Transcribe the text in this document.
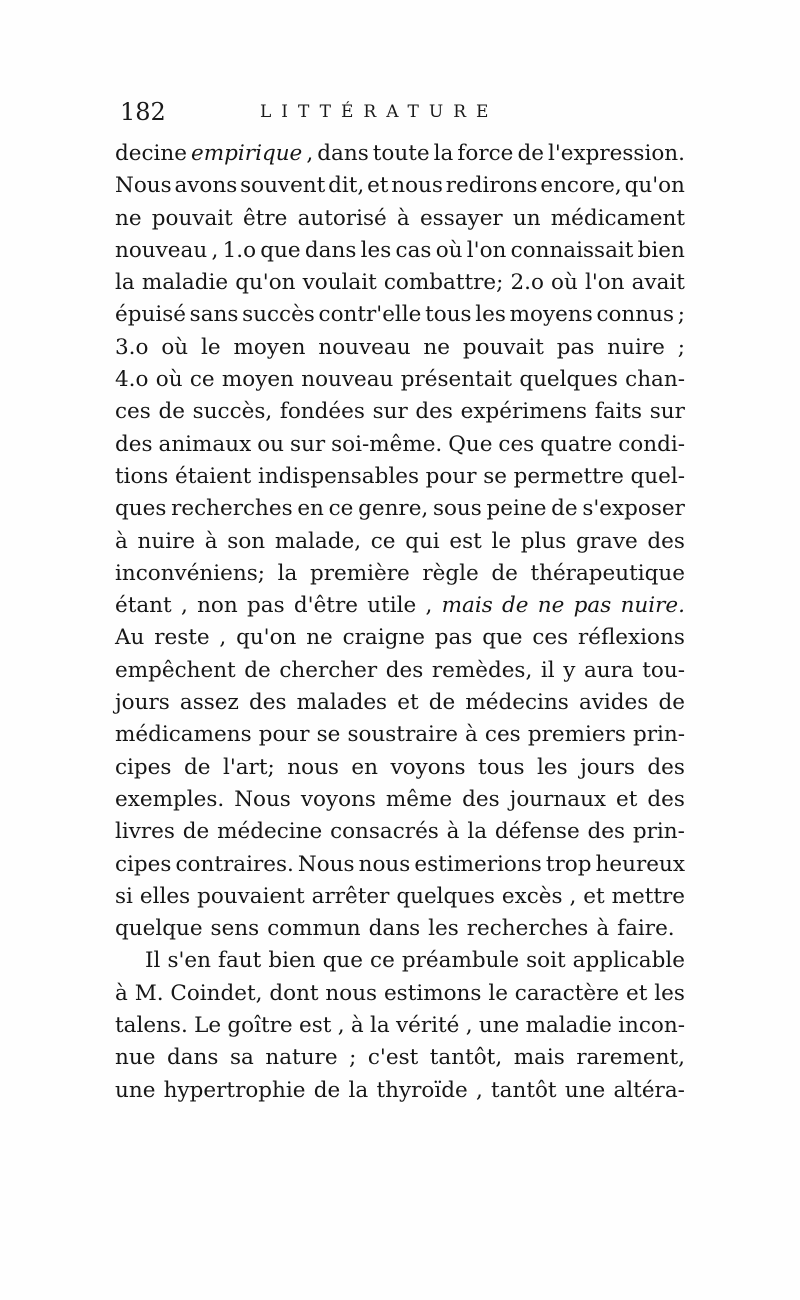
182	LITTÉRATURE
decine empirique , dans toute la force de l'expression.
Nous avons souvent dit, et nous redirons encore, qu'on
ne pouvait être autorisé à essayer un médicament
nouveau , 1.o que dans les cas où l'on connaissait bien
la maladie qu'on voulait combattre; 2.o où l'on avait
épuisé sans succès contr'elle tous les moyens connus ;
3.o où le moyen nouveau ne pouvait pas nuire ;
4.o où ce moyen nouveau présentait quelques chan-
ces de succès, fondées sur des expérimens faits sur
des animaux ou sur soi-même. Que ces quatre condi-
tions étaient indispensables pour se permettre quel-
ques recherches en ce genre, sous peine de s'exposer
à nuire à son malade, ce qui est le plus grave des
inconvéniens; la première règle de thérapeutique
étant , non pas d'être utile , mais de ne pas nuire.
Au reste , qu'on ne craigne pas que ces réflexions
empêchent de chercher des remèdes, il y aura tou-
jours assez des malades et de médecins avides de
médicamens pour se soustraire à ces premiers prin-
cipes de l'art; nous en voyons tous les jours des
exemples. Nous voyons même des journaux et des
livres de médecine consacrés à la défense des prin-
cipes contraires. Nous nous estimerions trop heureux
si elles pouvaient arrêter quelques excès , et mettre
quelque sens commun dans les recherches à faire.
Il s'en faut bien que ce préambule soit applicable
à M. Coindet, dont nous estimons le caractère et les
talens. Le goître est , à la vérité , une maladie incon-
nue dans sa nature ; c'est tantôt, mais rarement,
une hypertrophie de la thyroïde , tantôt une altéra-
